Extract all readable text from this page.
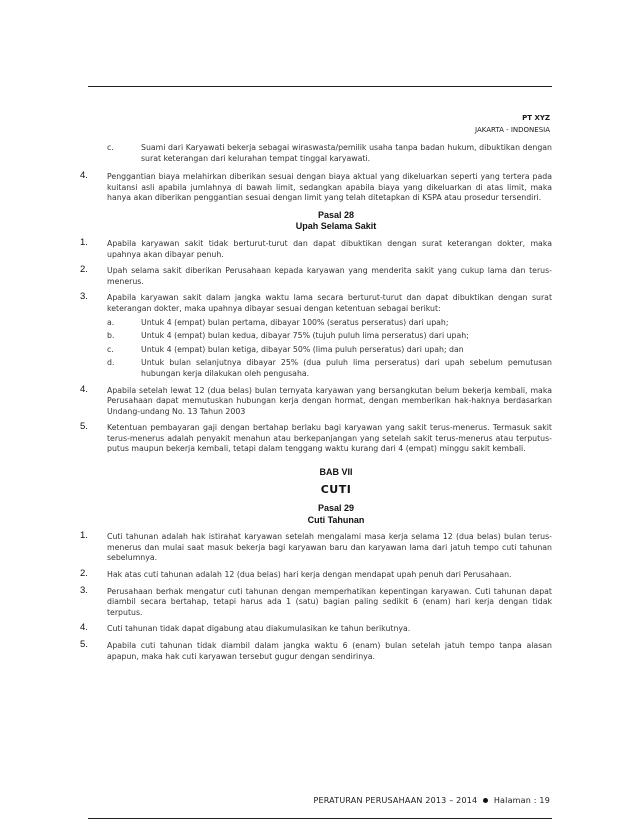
PT XYZ
JAKARTA - INDONESIA
c.	Suami dari Karyawati bekerja sebagai wiraswasta/pemilik usaha tanpa badan hukum, dibuktikan dengan surat keterangan dari kelurahan tempat tinggal karyawati.
4.	Penggantian biaya melahirkan diberikan sesuai dengan biaya aktual yang dikeluarkan seperti yang tertera pada kuitansi asli apabila jumlahnya di bawah limit, sedangkan apabila biaya yang dikeluarkan di atas limit, maka hanya akan diberikan penggantian sesuai dengan limit yang telah ditetapkan di KSPA atau prosedur tersendiri.
Pasal 28
Upah Selama Sakit
1.	Apabila karyawan sakit tidak berturut-turut dan dapat dibuktikan dengan surat keterangan dokter, maka upahnya akan dibayar penuh.
2.	Upah selama sakit diberikan Perusahaan kepada karyawan yang menderita sakit yang cukup lama dan terus-menerus.
3.	Apabila karyawan sakit dalam jangka waktu lama secara berturut-turut dan dapat dibuktikan dengan surat keterangan dokter, maka upahnya dibayar sesuai dengan ketentuan sebagai berikut:
a.	Untuk 4 (empat) bulan pertama, dibayar 100% (seratus perseratus) dari upah;
b.	Untuk 4 (empat) bulan kedua, dibayar 75% (tujuh puluh lima perseratus) dari upah;
c.	Untuk 4 (empat) bulan ketiga, dibayar 50% (lima puluh perseratus) dari upah; dan
d.	Untuk bulan selanjutnya dibayar 25% (dua puluh lima perseratus) dari upah sebelum pemutusan hubungan kerja dilakukan oleh pengusaha.
4.	Apabila setelah lewat 12 (dua belas) bulan ternyata karyawan yang bersangkutan belum bekerja kembali, maka Perusahaan dapat memutuskan hubungan kerja dengan hormat, dengan memberikan hak-haknya berdasarkan Undang-undang No. 13 Tahun 2003
5.	Ketentuan pembayaran gaji dengan bertahap berlaku bagi karyawan yang sakit terus-menerus. Termasuk sakit terus-menerus adalah penyakit menahun atau berkepanjangan yang setelah sakit terus-menerus atau terputus-putus maupun bekerja kembali, tetapi dalam tenggang waktu kurang dari 4 (empat) minggu sakit kembali.
BAB VII
CUTI
Pasal 29
Cuti Tahunan
1.	Cuti tahunan adalah hak istirahat karyawan setelah mengalami masa kerja selama 12 (dua belas) bulan terus-menerus dan mulai saat masuk bekerja bagi karyawan baru dan karyawan lama dari jatuh tempo cuti tahunan sebelumnya.
2.	Hak atas cuti tahunan adalah 12 (dua belas) hari kerja dengan mendapat upah penuh dari Perusahaan.
3.	Perusahaan berhak mengatur cuti tahunan dengan memperhatikan kepentingan karyawan. Cuti tahunan dapat diambil secara bertahap, tetapi harus ada 1 (satu) bagian paling sedikit 6 (enam) hari kerja dengan tidak terputus.
4.	Cuti tahunan tidak dapat digabung atau diakumulasikan ke tahun berikutnya.
5.	Apabila cuti tahunan tidak diambil dalam jangka waktu 6 (enam) bulan setelah jatuh tempo tanpa alasan apapun, maka hak cuti karyawan tersebut gugur dengan sendirinya.
PERATURAN PERUSAHAAN 2013 – 2014 Halaman : 19
